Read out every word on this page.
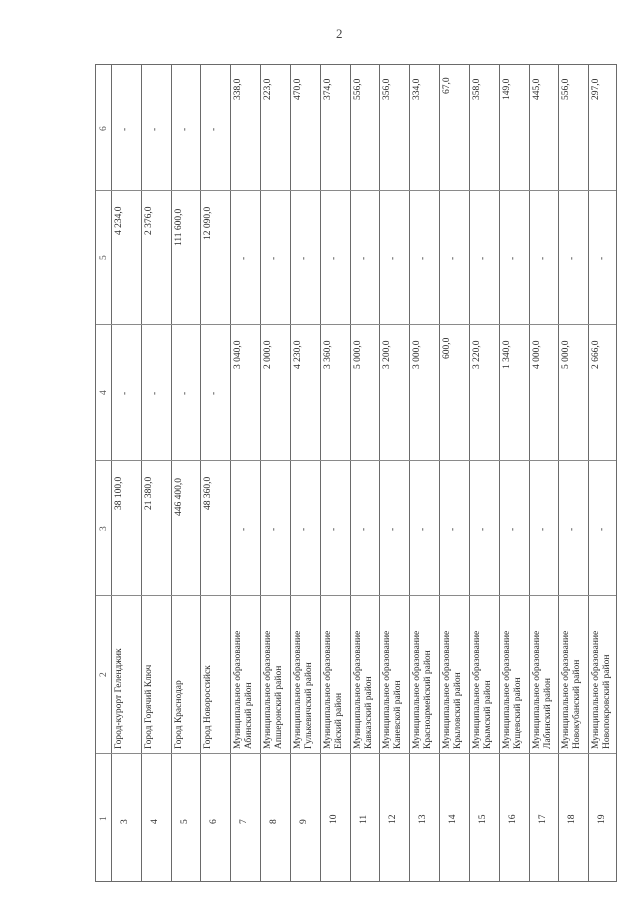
2
6
5
4
3
2
1
-
4 234,0
-
38 100,0
Город-курорт Геленджик
3
-
2 376,0
-
21 380,0
Город Горячий Ключ
4
-
111 600,0
-
446 400,0
Город Краснодар
5
-
12 090,0
-
48 360,0
Город Новороссийск
6
338,0
-
3 040,0
-
Муниципальное образование
Абинский район
7
223,0
-
2 000,0
-
Муниципальное образование
Апшеронский район
8
470,0
-
4 230,0
-
Муниципальное образование
Гулькевичский район
9
374,0
-
3 360,0
-
Муниципальное образование
Ейский район
10
556,0
-
5 000,0
-
Муниципальное образование
Кавказский район
11
356,0
-
3 200,0
-
Муниципальное образование
Каневской район
12
334,0
-
3 000,0
-
Муниципальное образование
Красноармейский район
13
67,0
-
600,0
-
Муниципальное образование
Крыловский район
14
358,0
-
3 220,0
-
Муниципальное образование
Крымский район
15
149,0
-
1 340,0
-
Муниципальное образование
Кущевский район
16
445,0
-
4 000,0
-
Муниципальное образование
Лабинский район
17
556,0
-
5 000,0
-
Муниципальное образование
Новокубанский район
18
297,0
-
2 666,0
-
Муниципальное образование
Новопокровский район
19
